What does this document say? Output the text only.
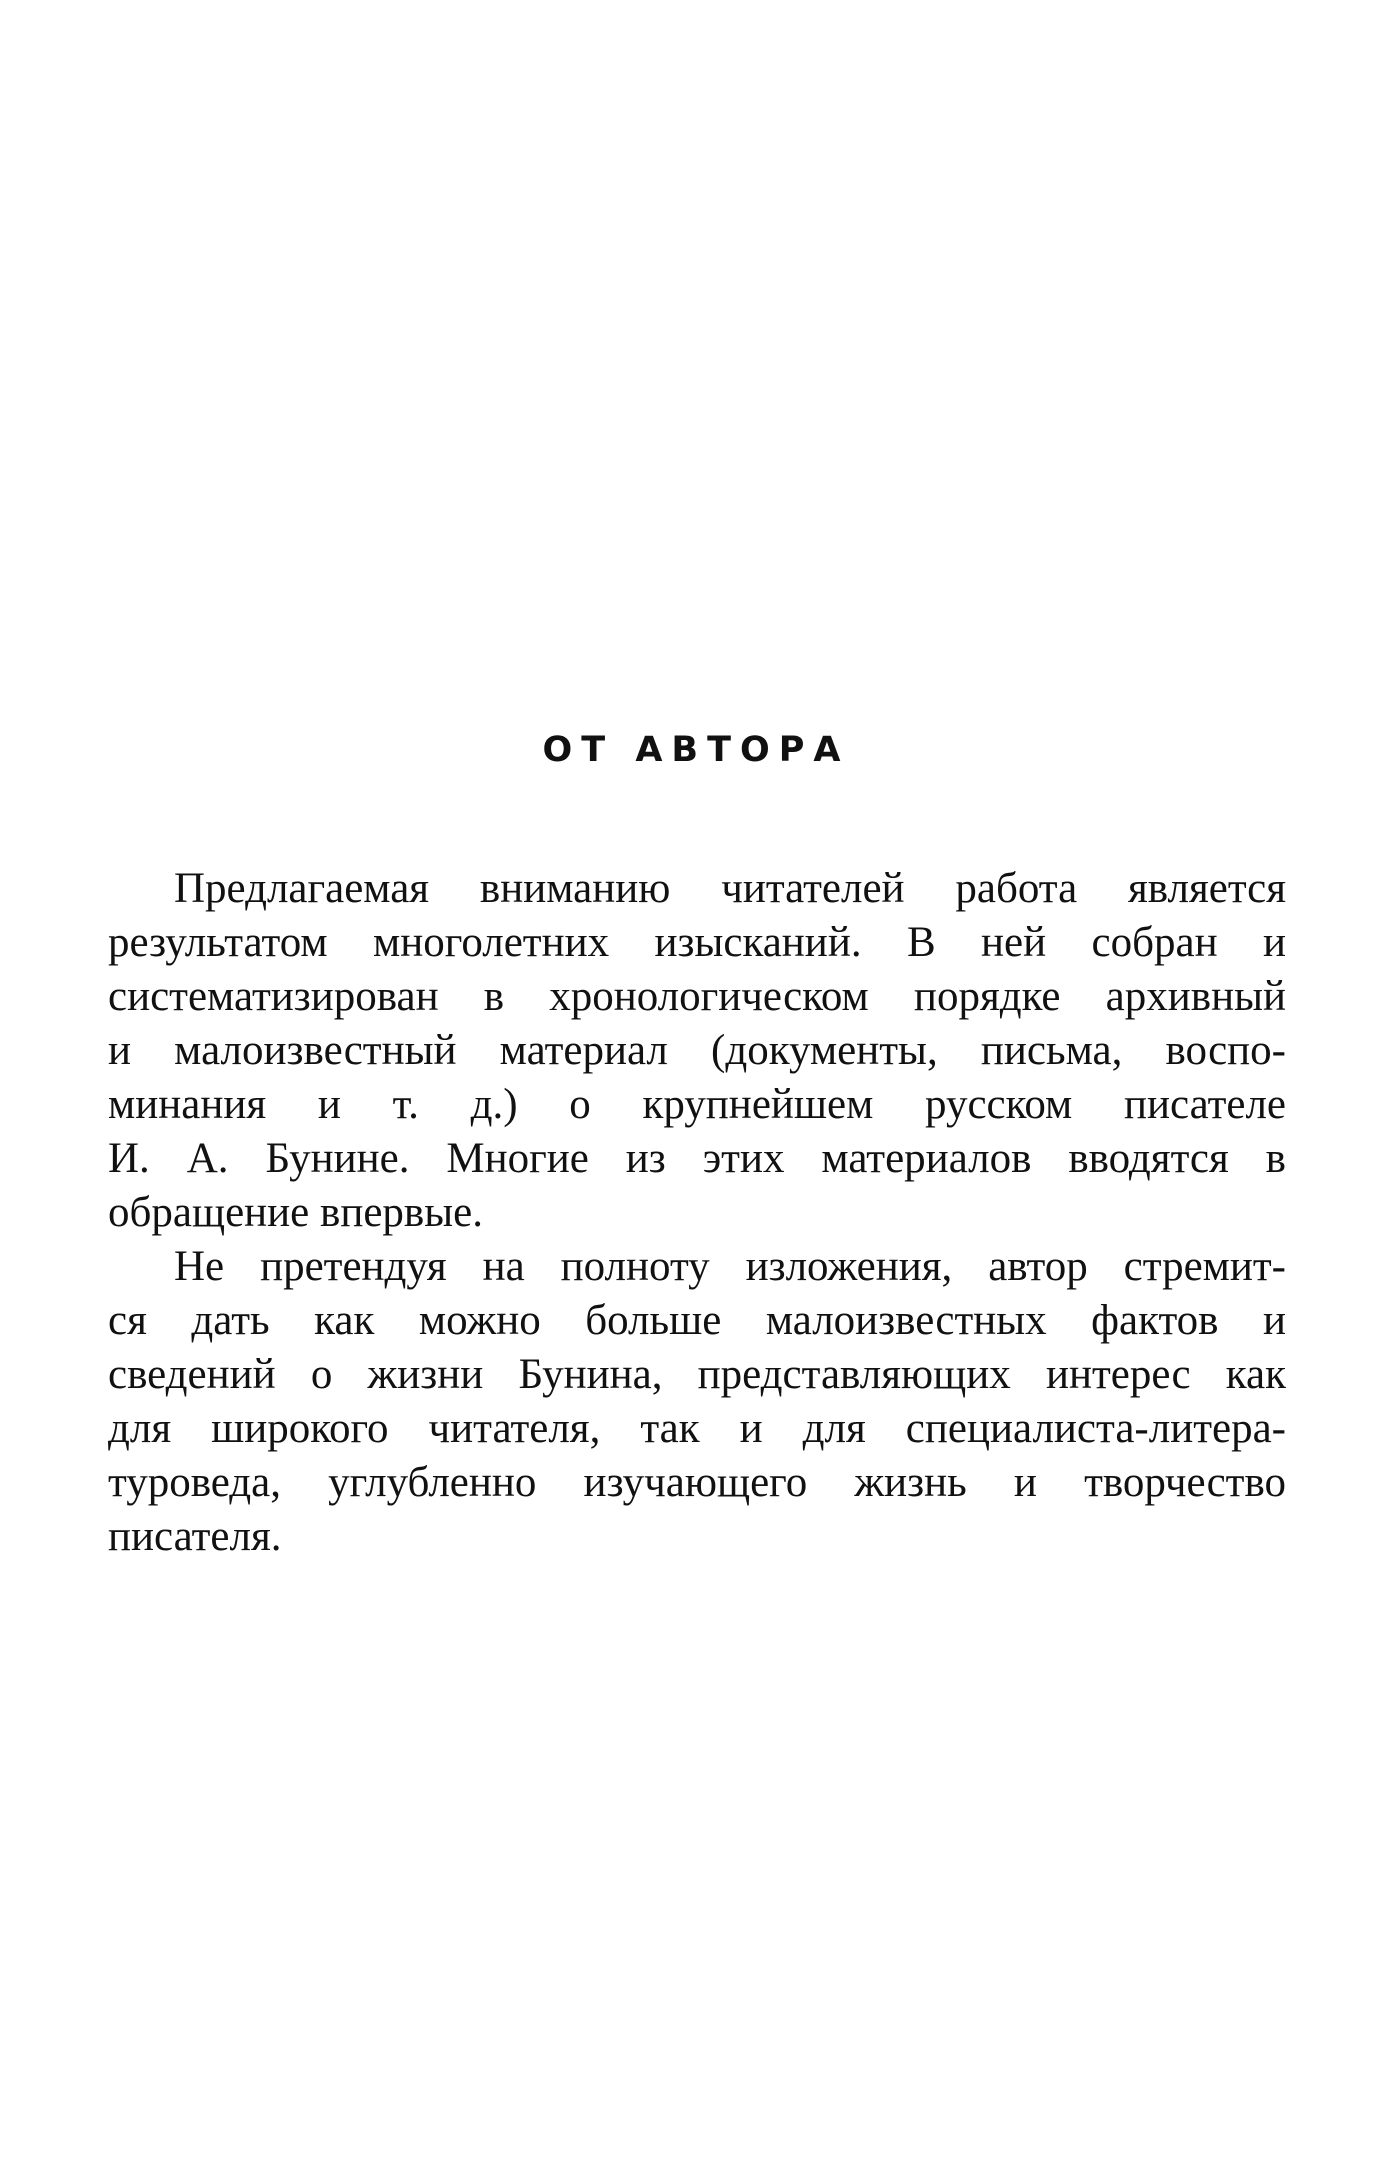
ОТ АВТОРА
Предлагаемая вниманию читателей работа является
результатом многолетних изысканий. В ней собран и
систематизирован в хронологическом порядке архивный
и малоизвестный материал (документы, письма, воспо-
минания и т. д.) о крупнейшем русском писателе
И. А. Бунине. Многие из этих материалов вводятся в
обращение впервые.
Не претендуя на полноту изложения, автор стремит-
ся дать как можно больше малоизвестных фактов и
сведений о жизни Бунина, представляющих интерес как
для широкого читателя, так и для специалиста-литера-
туроведа, углубленно изучающего жизнь и творчество
писателя.
